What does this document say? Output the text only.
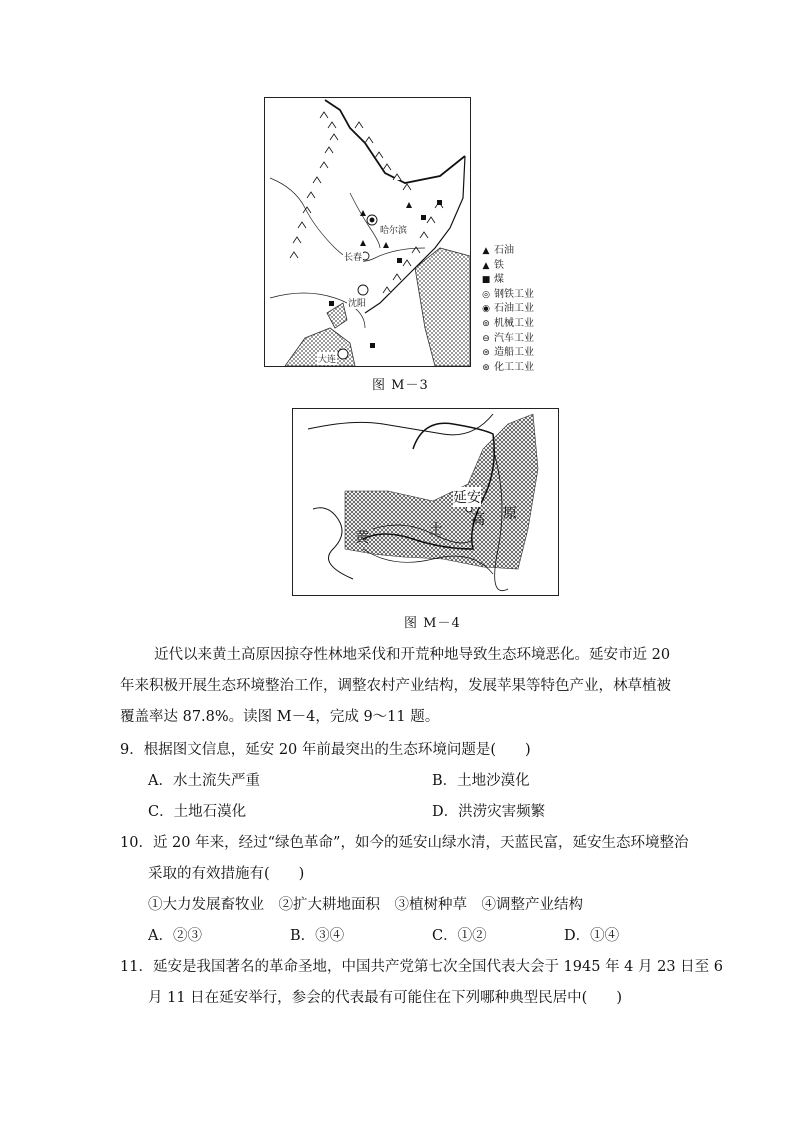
哈尔滨
长春
沈阳
大连
▲ 石油
▲ 铁
■ 煤
◎ 钢铁工业
◉ 石油工业
⊚ 机械工业
⊖ 汽车工业
⊜ 造船工业
⊛ 化工工业
图 M－3
延安
黄	土
高 原
图 M－4
近代以来黄土高原因掠夺性林地采伐和开荒种地导致生态环境恶化。延安市近 20 年来积极开展生态环境整治工作，调整农村产业结构，发展苹果等特色产业，林草植被覆盖率达 87.8%。读图 M－4，完成 9～11 题。
9．根据图文信息，延安 20 年前最突出的生态环境问题是(　　)
A．水土流失严重	B．土地沙漠化
C．土地石漠化	D．洪涝灾害频繁
10．近 20 年来，经过“绿色革命”，如今的延安山绿水清，天蓝民富，延安生态环境整治
采取的有效措施有(　　)
①大力发展畜牧业　②扩大耕地面积　③植树种草　④调整产业结构
A．②③	B．③④	C．①②	D．①④
11．延安是我国著名的革命圣地，中国共产党第七次全国代表大会于 1945 年 4 月 23 日至 6
月 11 日在延安举行，参会的代表最有可能住在下列哪种典型民居中(　　)
